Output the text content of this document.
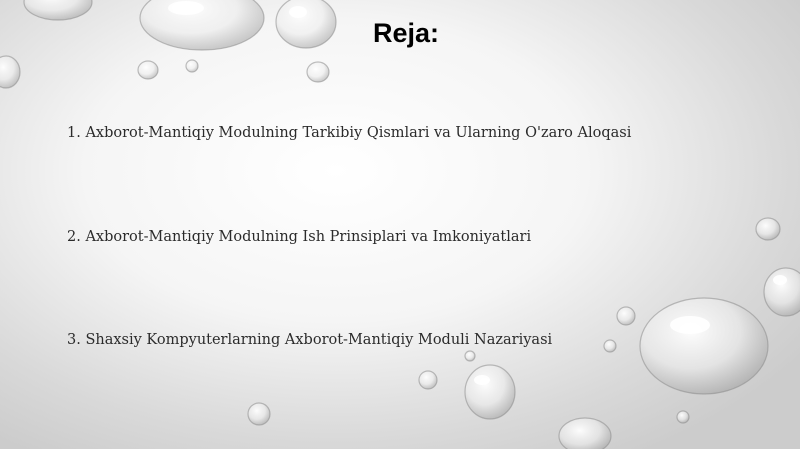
Reja:
1. Axborot-Mantiqiy Modulning Tarkibiy Qismlari va Ularning O'zaro Aloqasi
2. Axborot-Mantiqiy Modulning Ish Prinsiplari va Imkoniyatlari
3. Shaxsiy Kompyuterlarning Axborot-Mantiqiy Moduli Nazariyasi
